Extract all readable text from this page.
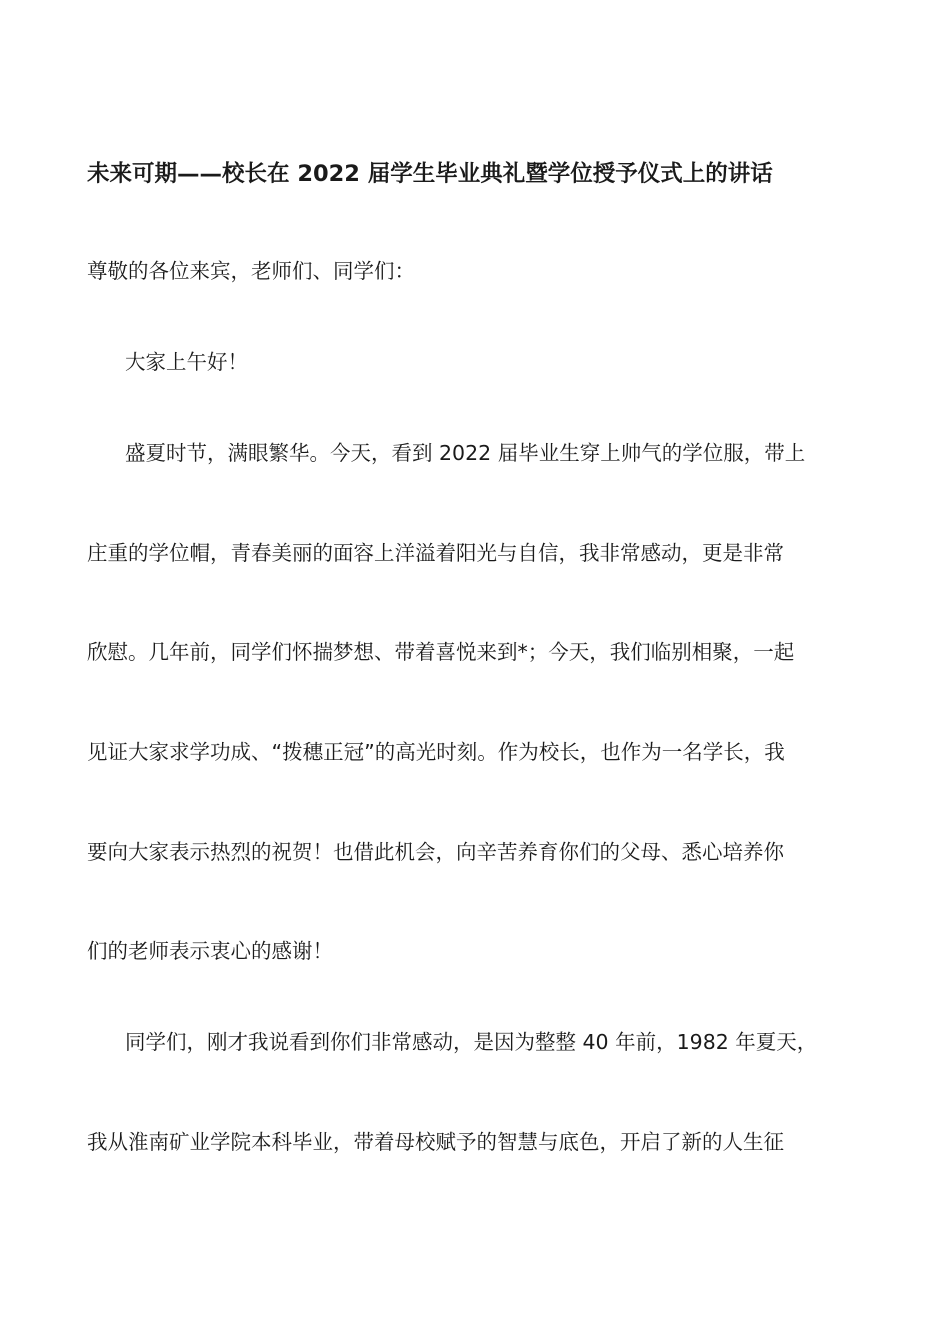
未来可期——校长在 2022 届学生毕业典礼暨学位授予仪式上的讲话
尊敬的各位来宾，老师们、同学们：
大家上午好！
盛夏时节，满眼繁华。今天，看到 2022 届毕业生穿上帅气的学位服，带上
庄重的学位帽，青春美丽的面容上洋溢着阳光与自信，我非常感动，更是非常
欣慰。几年前，同学们怀揣梦想、带着喜悦来到*；今天，我们临别相聚，一起
见证大家求学功成、“拨穗正冠”的高光时刻。作为校长，也作为一名学长，我
要向大家表示热烈的祝贺！也借此机会，向辛苦养育你们的父母、悉心培养你
们的老师表示衷心的感谢！
同学们，刚才我说看到你们非常感动，是因为整整 40 年前，1982 年夏天，
我从淮南矿业学院本科毕业，带着母校赋予的智慧与底色，开启了新的人生征
